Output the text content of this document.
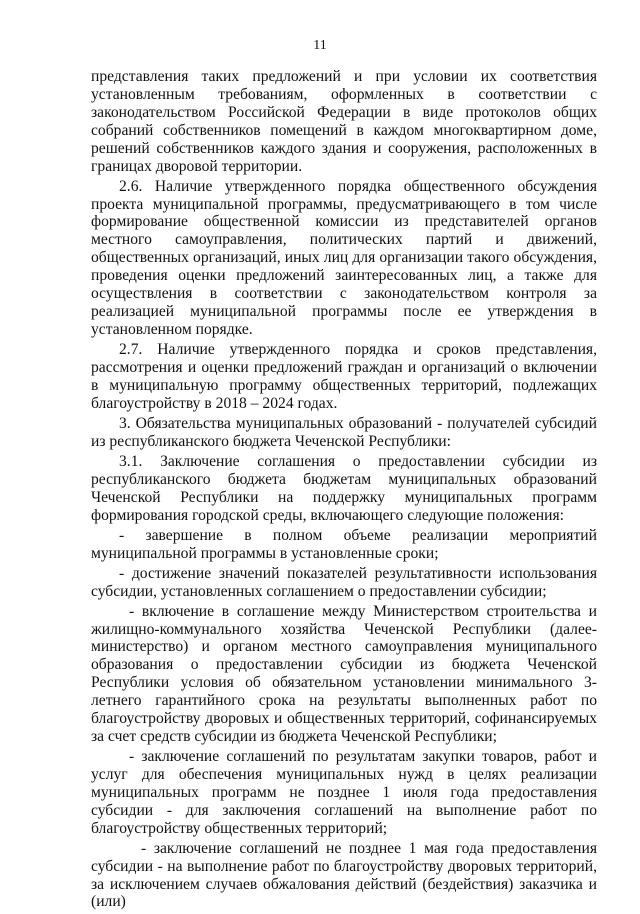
11

представления таких предложений и при условии их соответствия установленным требованиям, оформленных в соответствии с законодательством Российской Федерации в виде протоколов общих собраний собственников помещений в каждом многоквартирном доме, решений собственников каждого здания и сооружения, расположенных в границах дворовой территории.

2.6. Наличие утвержденного порядка общественного обсуждения проекта муниципальной программы, предусматривающего в том числе формирование общественной комиссии из представителей органов местного самоуправления, политических партий и движений, общественных организаций, иных лиц для организации такого обсуждения, проведения оценки предложений заинтересованных лиц, а также для осуществления в соответствии с законодательством контроля за реализацией муниципальной программы после ее утверждения в установленном порядке.

2.7. Наличие утвержденного порядка и сроков представления, рассмотрения и оценки предложений граждан и организаций о включении в муниципальную программу общественных территорий, подлежащих благоустройству в 2018 – 2024 годах.

3. Обязательства муниципальных образований - получателей субсидий из республиканского бюджета Чеченской Республики:

3.1. Заключение соглашения о предоставлении субсидии из республиканского бюджета бюджетам муниципальных образований Чеченской Республики на поддержку муниципальных программ формирования городской среды, включающего следующие положения:

- завершение в полном объеме реализации мероприятий муниципальной программы в установленные сроки;

- достижение значений показателей результативности использования субсидии, установленных соглашением о предоставлении субсидии;

- включение в соглашение между Министерством строительства и жилищно-коммунального хозяйства Чеченской Республики (далее-министерство) и органом местного самоуправления муниципального образования о предоставлении субсидии из бюджета Чеченской Республики условия об обязательном установлении минимального 3-летнего гарантийного срока на результаты выполненных работ по благоустройству дворовых и общественных территорий, софинансируемых за счет средств субсидии из бюджета Чеченской Республики;

- заключение соглашений по результатам закупки товаров, работ и услуг для обеспечения муниципальных нужд в целях реализации муниципальных программ не позднее 1 июля года предоставления субсидии - для заключения соглашений на выполнение работ по благоустройству общественных территорий;

- заключение соглашений не позднее 1 мая года предоставления субсидии - на выполнение работ по благоустройству дворовых территорий, за исключением случаев обжалования действий (бездействия) заказчика и (или)
